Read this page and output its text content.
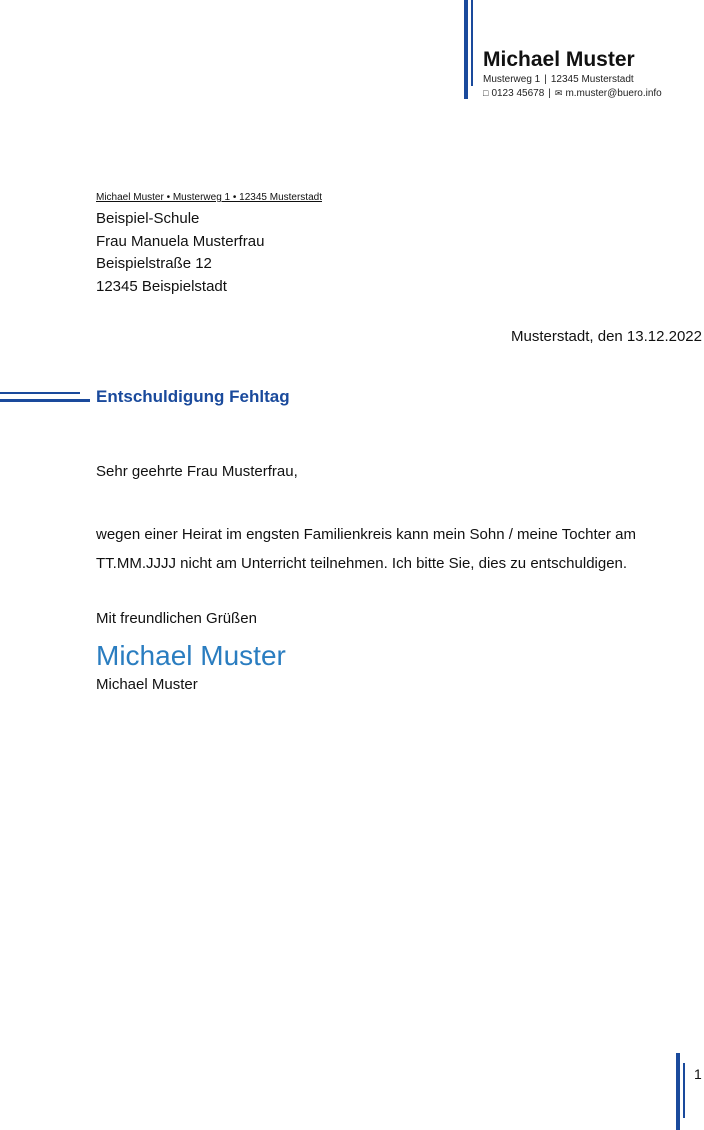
Michael Muster
Musterweg 1 | 12345 Musterstadt
□ 0123 45678 | ✉ m.muster@buero.info
Michael Muster • Musterweg 1 • 12345 Musterstadt
Beispiel-Schule
Frau Manuela Musterfrau
Beispielstraße 12
12345 Beispielstadt
Musterstadt, den 13.12.2022
Entschuldigung Fehltag
Sehr geehrte Frau Musterfrau,
wegen einer Heirat im engsten Familienkreis kann mein Sohn / meine Tochter am
TT.MM.JJJJ nicht am Unterricht teilnehmen. Ich bitte Sie, dies zu entschuldigen.
Mit freundlichen Grüßen
Michael Muster
Michael Muster
1
